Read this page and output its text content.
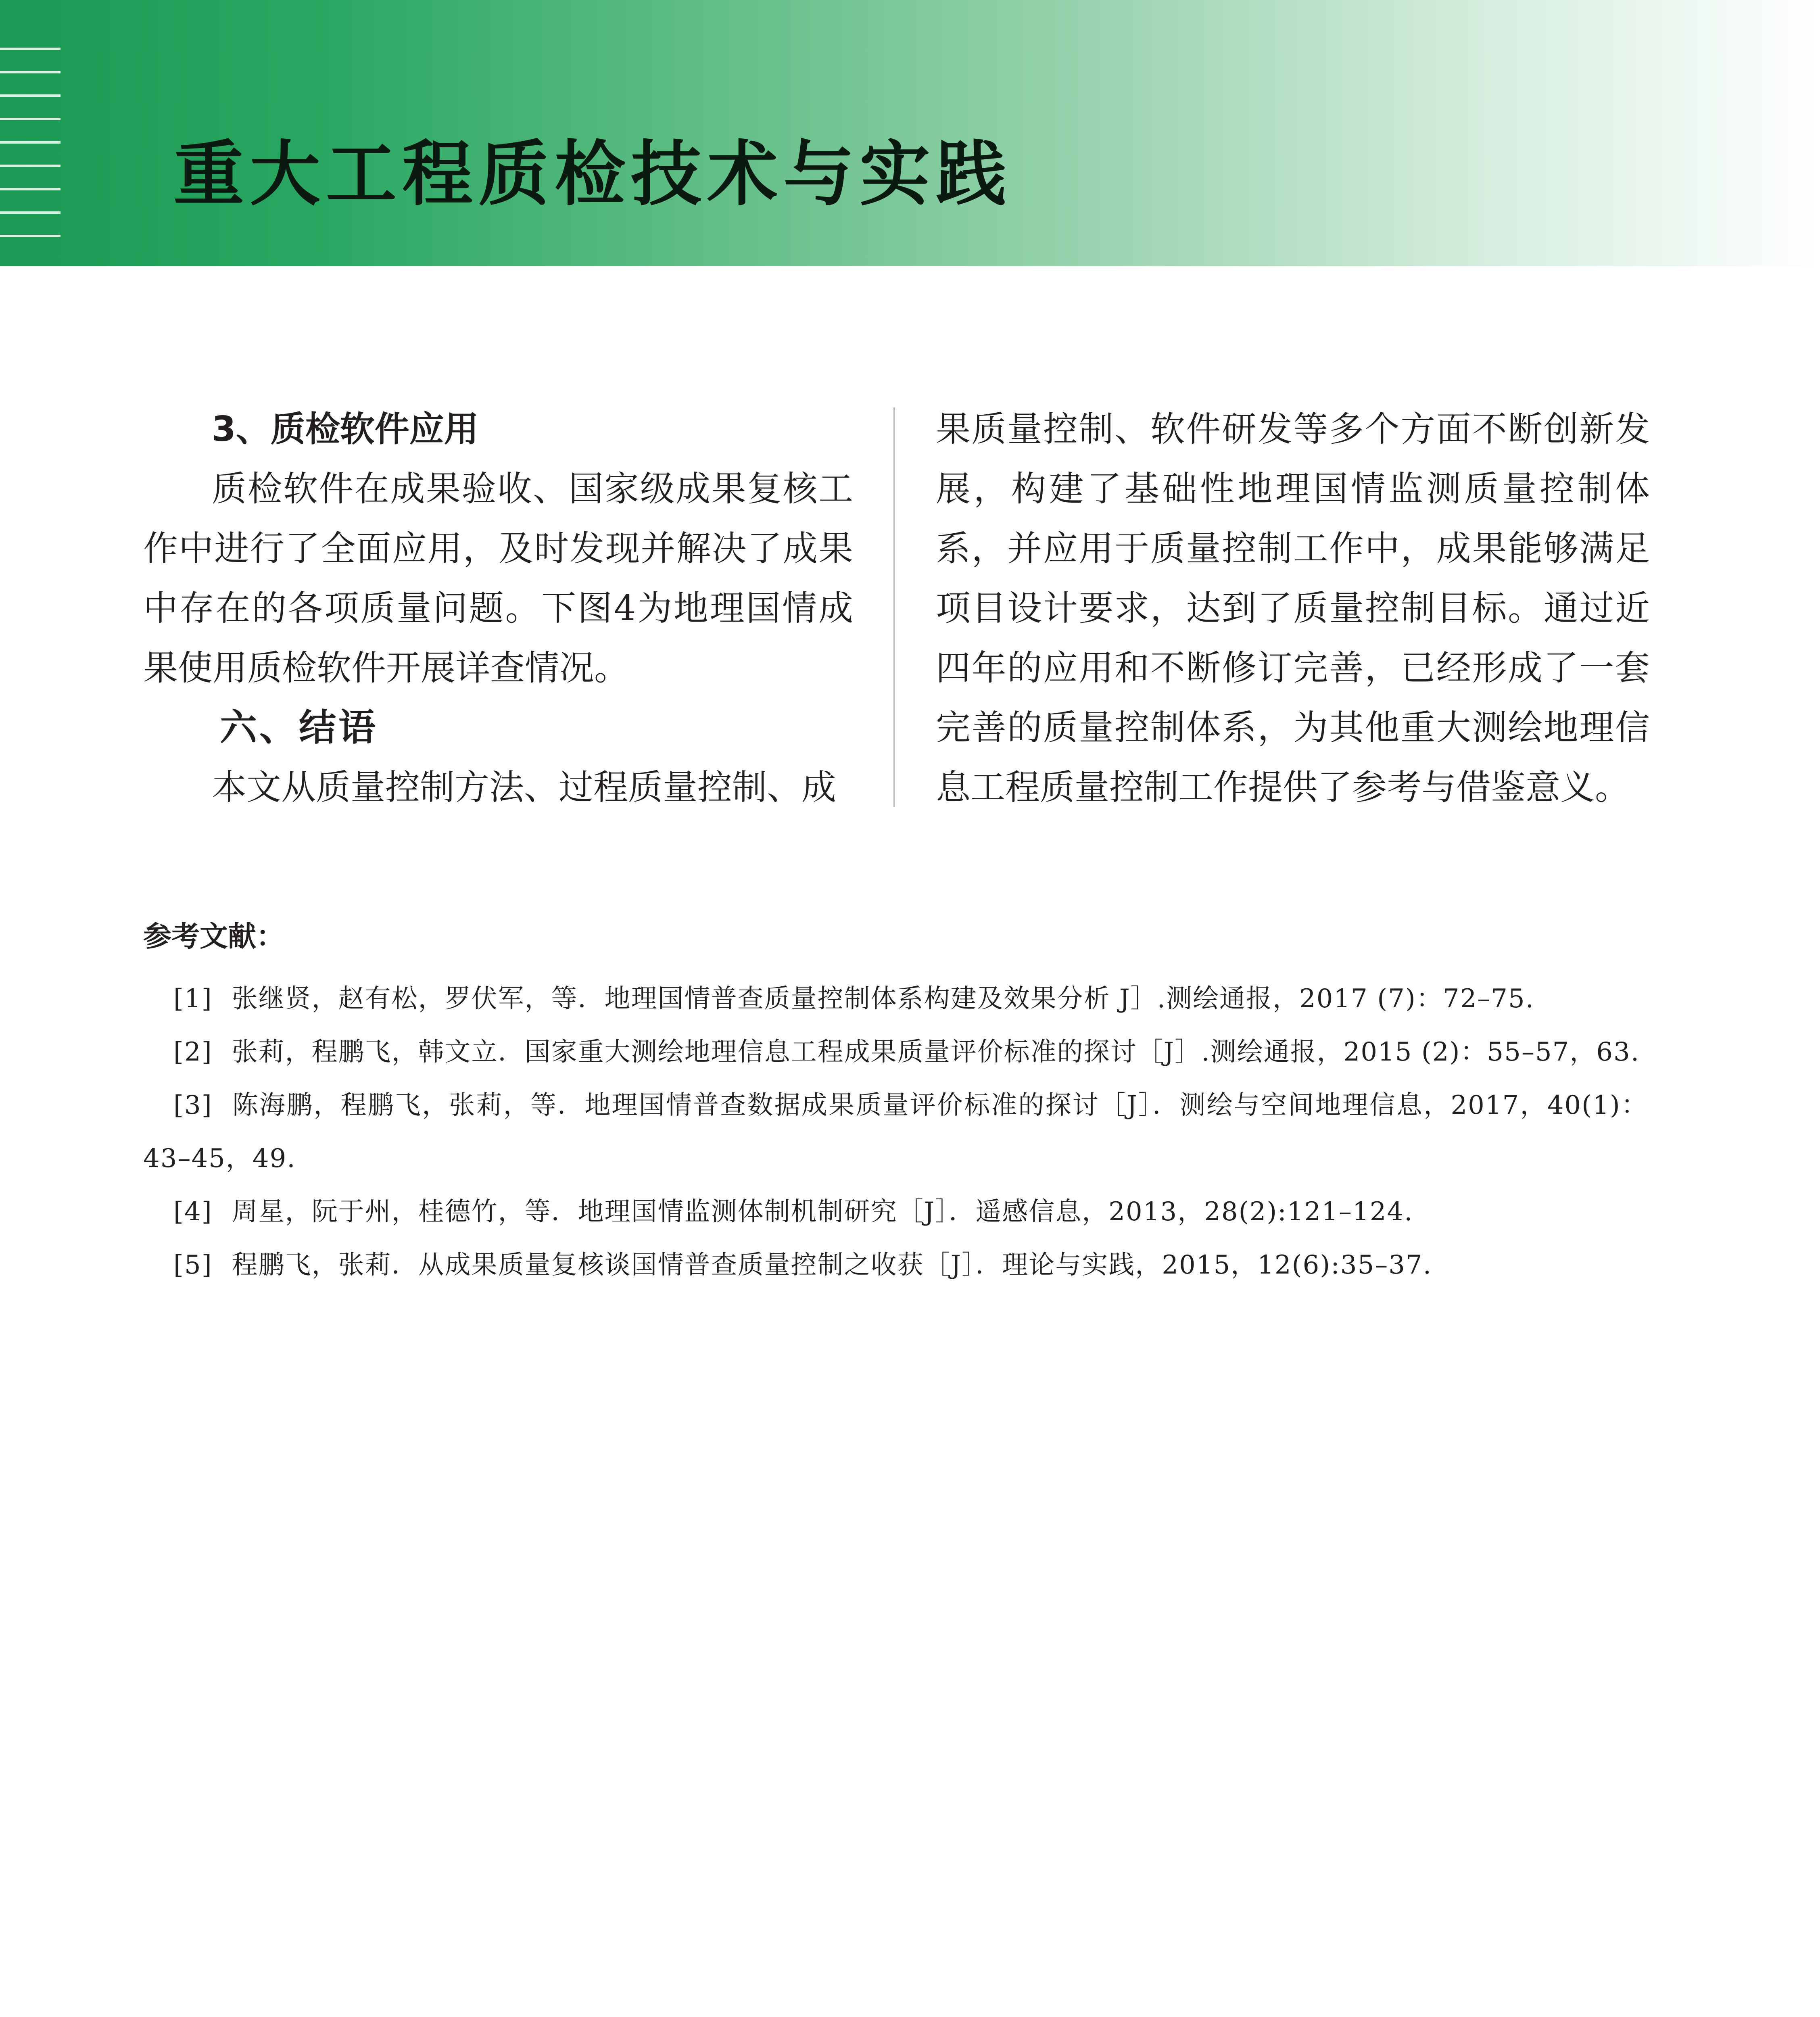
重大工程质检技术与实践

3、质检软件应用

质检软件在成果验收、国家级成果复核工作中进行了全面应用，及时发现并解决了成果中存在的各项质量问题。下图4为地理国情成果使用质检软件开展详查情况。

六、结语

本文从质量控制方法、过程质量控制、成

果质量控制、软件研发等多个方面不断创新发展，构建了基础性地理国情监测质量控制体系，并应用于质量控制工作中，成果能够满足项目设计要求，达到了质量控制目标。通过近四年的应用和不断修订完善，已经形成了一套完善的质量控制体系，为其他重大测绘地理信息工程质量控制工作提供了参考与借鉴意义。

参考文献：

[1] 张继贤，赵有松，罗伏军，等．地理国情普查质量控制体系构建及效果分析 J］.测绘通报，2017 (7)：72–75.

[2] 张莉，程鹏飞，韩文立．国家重大测绘地理信息工程成果质量评价标准的探讨［J］.测绘通报，2015 (2)：55–57，63.

[3] 陈海鹏，程鹏飞，张莉，等．地理国情普查数据成果质量评价标准的探讨［J］．测绘与空间地理信息，2017，40(1)：43–45，49.

[4] 周星，阮于州，桂德竹，等．地理国情监测体制机制研究［J］．遥感信息，2013，28(2):121–124.

[5] 程鹏飞，张莉．从成果质量复核谈国情普查质量控制之收获［J］．理论与实践，2015，12(6):35–37.
